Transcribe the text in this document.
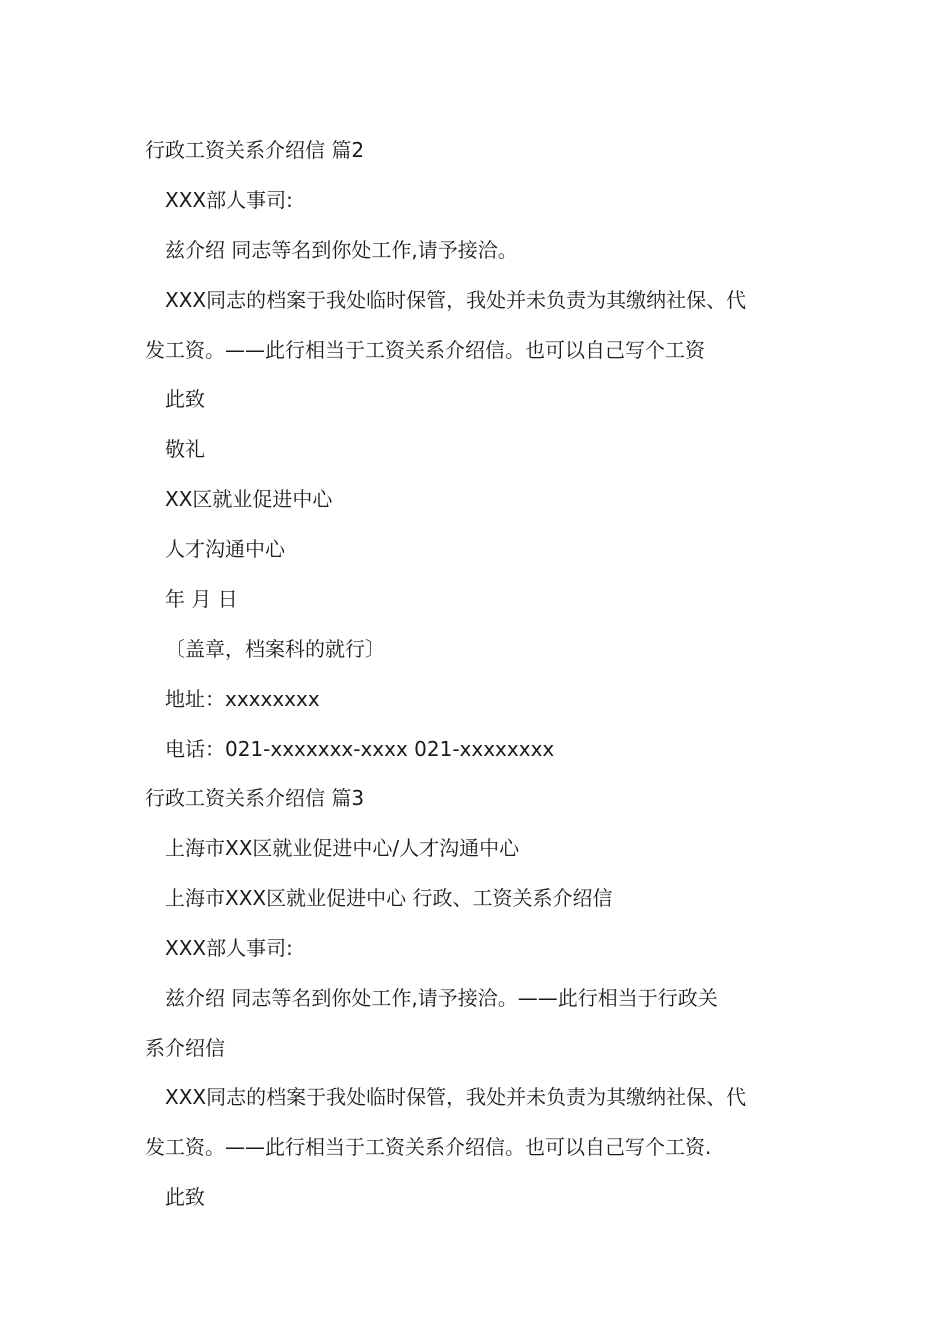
行政工资关系介绍信 篇2
XXX部人事司:
兹介绍 同志等名到你处工作,请予接洽。
XXX同志的档案于我处临时保管，我处并未负责为其缴纳社保、代
发工资。——此行相当于工资关系介绍信。也可以自己写个工资
此致
敬礼
XX区就业促进中心
人才沟通中心
年 月 日
〔盖章，档案科的就行〕
地址：xxxxxxxx
电话：021-xxxxxxx-xxxx 021-xxxxxxxx
行政工资关系介绍信 篇3
上海市XX区就业促进中心/人才沟通中心
上海市XXX区就业促进中心 行政、工资关系介绍信
XXX部人事司:
兹介绍 同志等名到你处工作,请予接洽。——此行相当于行政关
系介绍信
XXX同志的档案于我处临时保管，我处并未负责为其缴纳社保、代
发工资。——此行相当于工资关系介绍信。也可以自己写个工资.
此致
